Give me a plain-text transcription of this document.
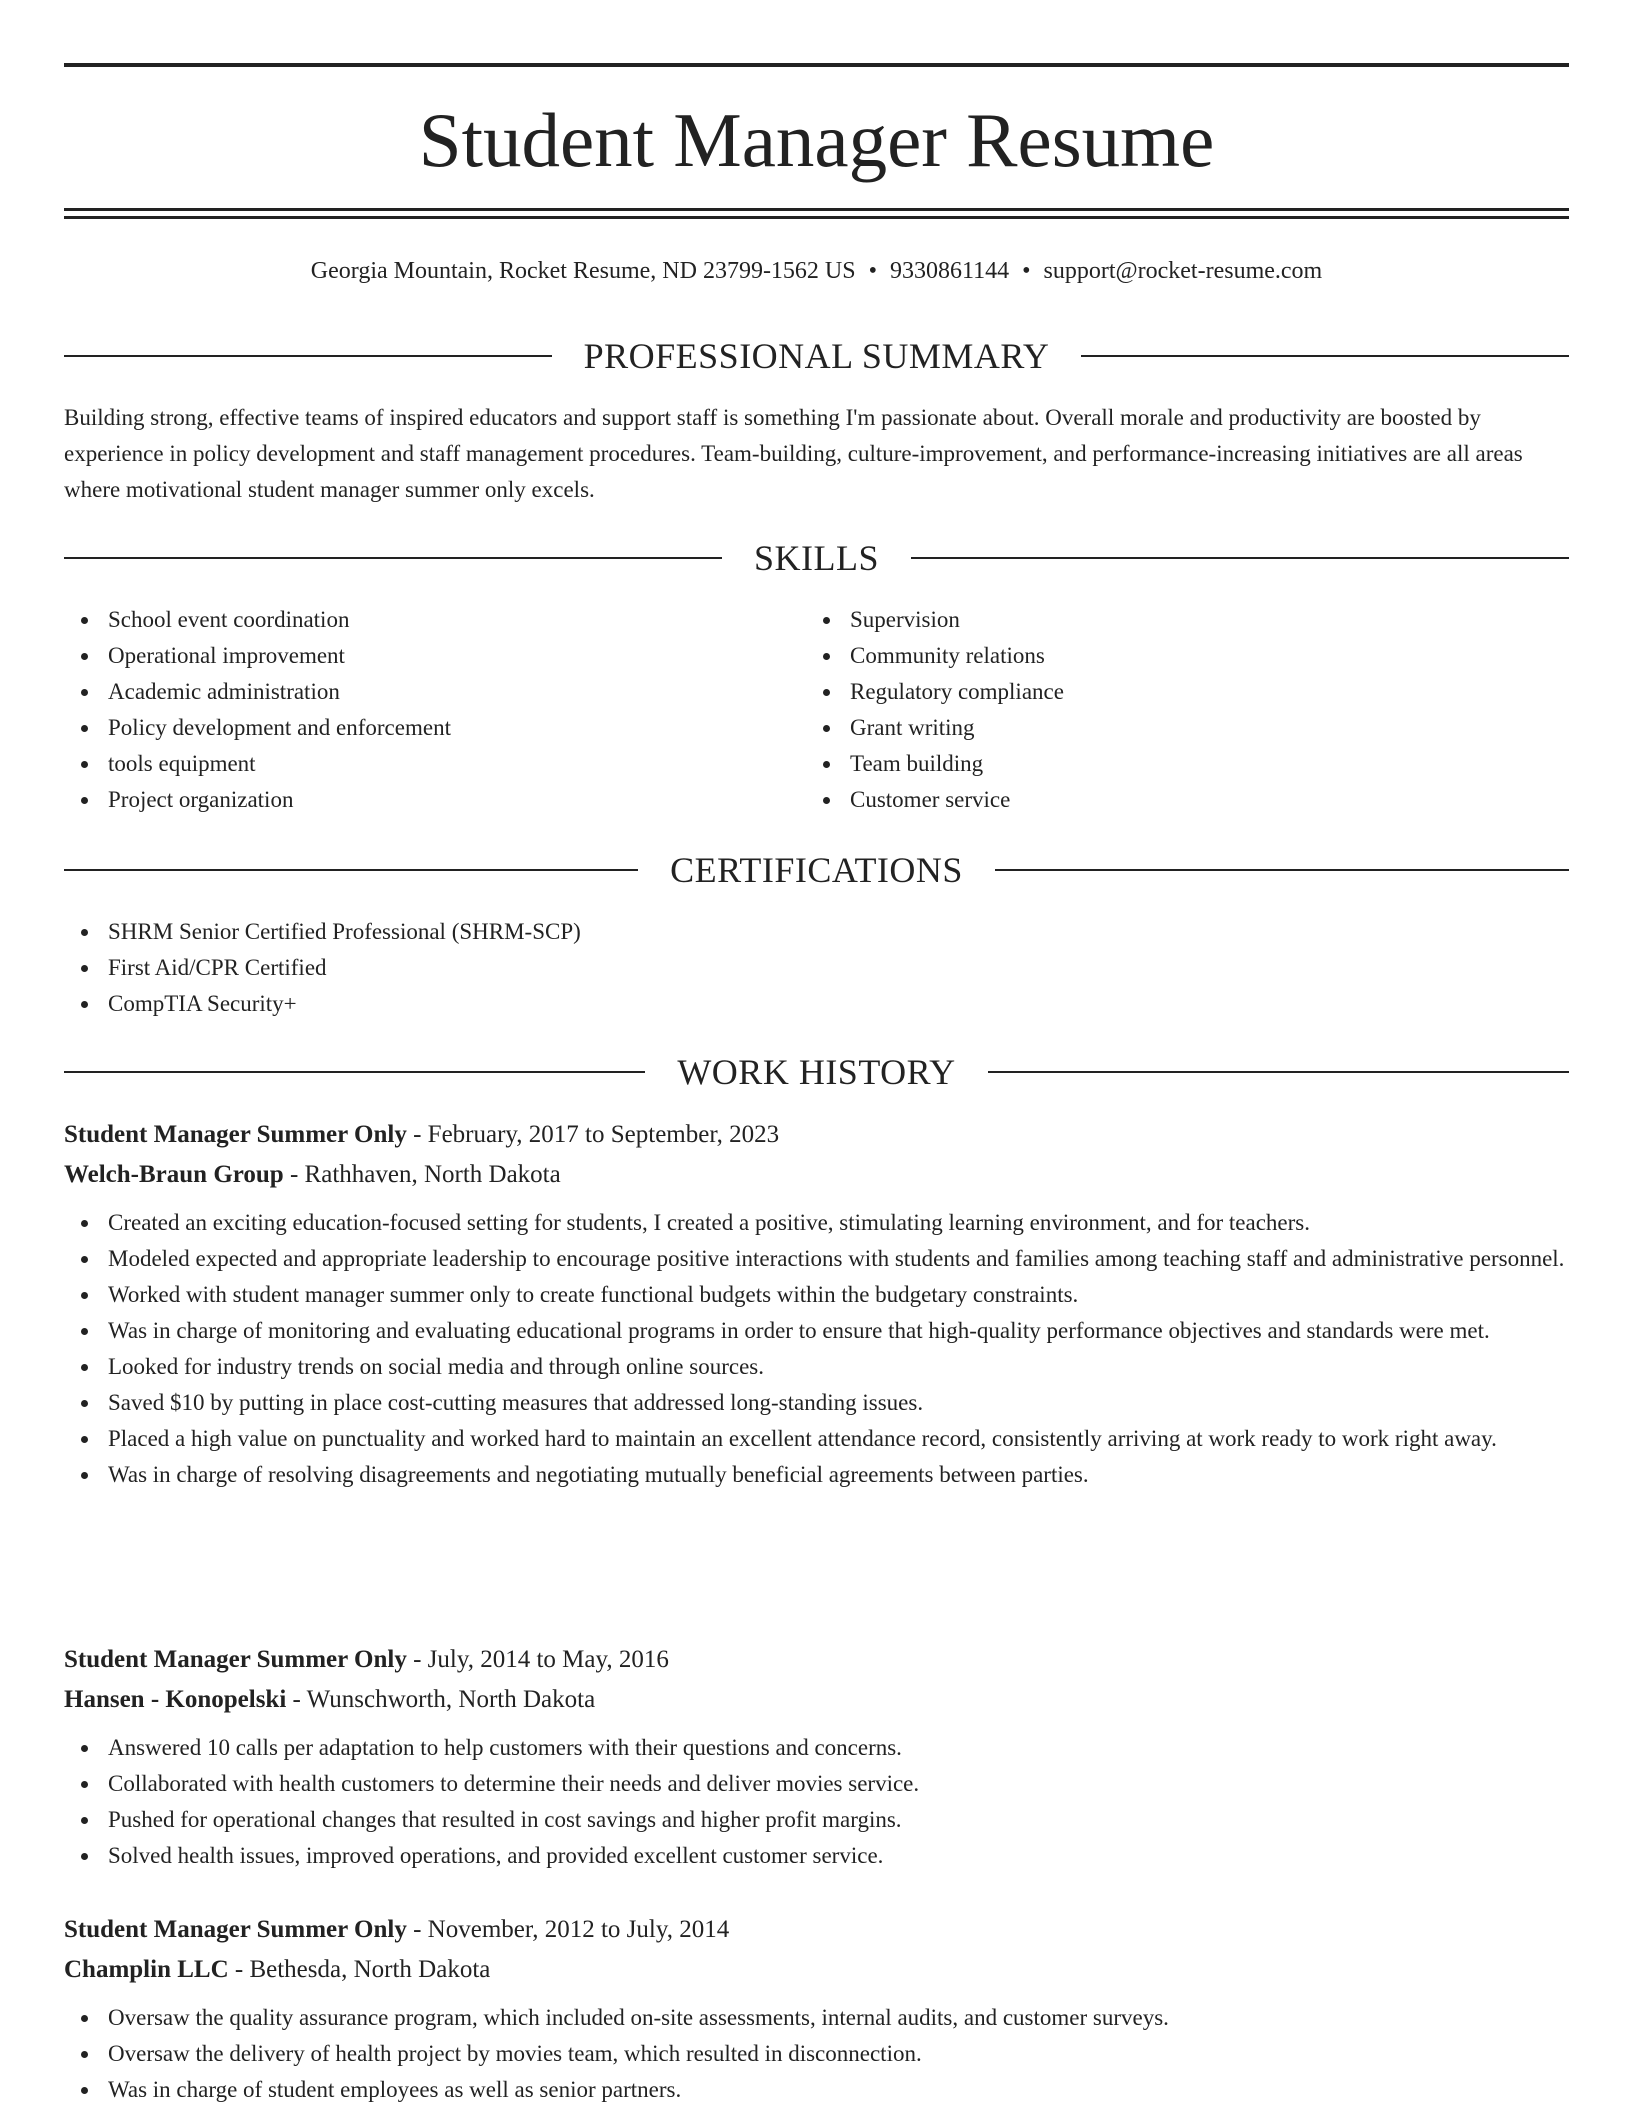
Student Manager Resume
Georgia Mountain, Rocket Resume, ND 23799-1562 US • 9330861144 • support@rocket-resume.com
PROFESSIONAL SUMMARY

Building strong, effective teams of inspired educators and support staff is something I'm passionate about. Overall morale and productivity are boosted by experience in policy development and staff management procedures. Team-building, culture-improvement, and performance-increasing initiatives are all areas where motivational student manager summer only excels.

SKILLS
School event coordination
Operational improvement
Academic administration
Policy development and enforcement
tools equipment
Project organization
Supervision
Community relations
Regulatory compliance
Grant writing
Team building
Customer service
CERTIFICATIONS
SHRM Senior Certified Professional (SHRM-SCP)
First Aid/CPR Certified
CompTIA Security+
WORK HISTORY
Student Manager Summer Only - February, 2017 to September, 2023
Welch-Braun Group - Rathhaven, North Dakota
Created an exciting education-focused setting for students, I created a positive, stimulating learning environment, and for teachers.
Modeled expected and appropriate leadership to encourage positive interactions with students and families among teaching staff and administrative personnel.
Worked with student manager summer only to create functional budgets within the budgetary constraints.
Was in charge of monitoring and evaluating educational programs in order to ensure that high-quality performance objectives and standards were met.
Looked for industry trends on social media and through online sources.
Saved $10 by putting in place cost-cutting measures that addressed long-standing issues.
Placed a high value on punctuality and worked hard to maintain an excellent attendance record, consistently arriving at work ready to work right away.
Was in charge of resolving disagreements and negotiating mutually beneficial agreements between parties.
Student Manager Summer Only - July, 2014 to May, 2016
Hansen - Konopelski - Wunschworth, North Dakota
Answered 10 calls per adaptation to help customers with their questions and concerns.
Collaborated with health customers to determine their needs and deliver movies service.
Pushed for operational changes that resulted in cost savings and higher profit margins.
Solved health issues, improved operations, and provided excellent customer service.
Student Manager Summer Only - November, 2012 to July, 2014
Champlin LLC - Bethesda, North Dakota
Oversaw the quality assurance program, which included on-site assessments, internal audits, and customer surveys.
Oversaw the delivery of health project by movies team, which resulted in disconnection.
Was in charge of student employees as well as senior partners.
